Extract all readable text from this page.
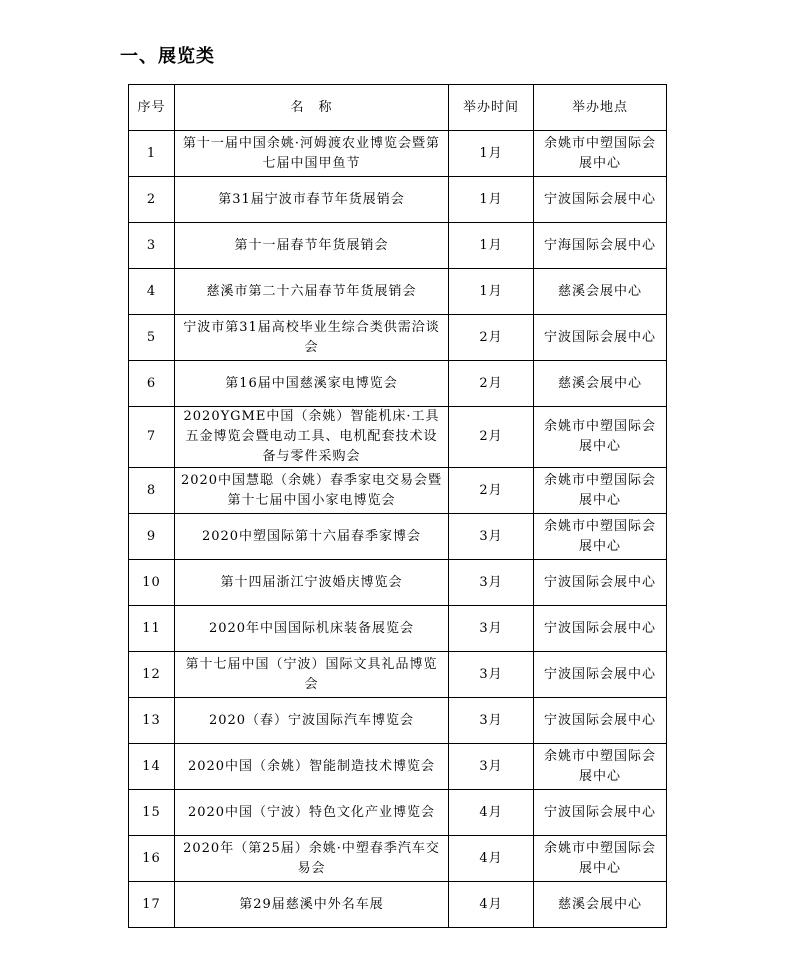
一、展览类
序号	名　称	举办时间	举办地点
1	第十一届中国余姚·河姆渡农业博览会暨第七届中国甲鱼节	1月	余姚市中塑国际会展中心
2	第31届宁波市春节年货展销会	1月	宁波国际会展中心
3	第十一届春节年货展销会	1月	宁海国际会展中心
4	慈溪市第二十六届春节年货展销会	1月	慈溪会展中心
5	宁波市第31届高校毕业生综合类供需洽谈会	2月	宁波国际会展中心
6	第16届中国慈溪家电博览会	2月	慈溪会展中心
7	2020YGME中国（余姚）智能机床·工具五金博览会暨电动工具、电机配套技术设备与零件采购会	2月	余姚市中塑国际会展中心
8	2020中国慧聪（余姚）春季家电交易会暨第十七届中国小家电博览会	2月	余姚市中塑国际会展中心
9	2020中塑国际第十六届春季家博会	3月	余姚市中塑国际会展中心
10	第十四届浙江宁波婚庆博览会	3月	宁波国际会展中心
11	2020年中国国际机床装备展览会	3月	宁波国际会展中心
12	第十七届中国（宁波）国际文具礼品博览会	3月	宁波国际会展中心
13	2020（春）宁波国际汽车博览会	3月	宁波国际会展中心
14	2020中国（余姚）智能制造技术博览会	3月	余姚市中塑国际会展中心
15	2020中国（宁波）特色文化产业博览会	4月	宁波国际会展中心
16	2020年（第25届）余姚·中塑春季汽车交易会	4月	余姚市中塑国际会展中心
17	第29届慈溪中外名车展	4月	慈溪会展中心
